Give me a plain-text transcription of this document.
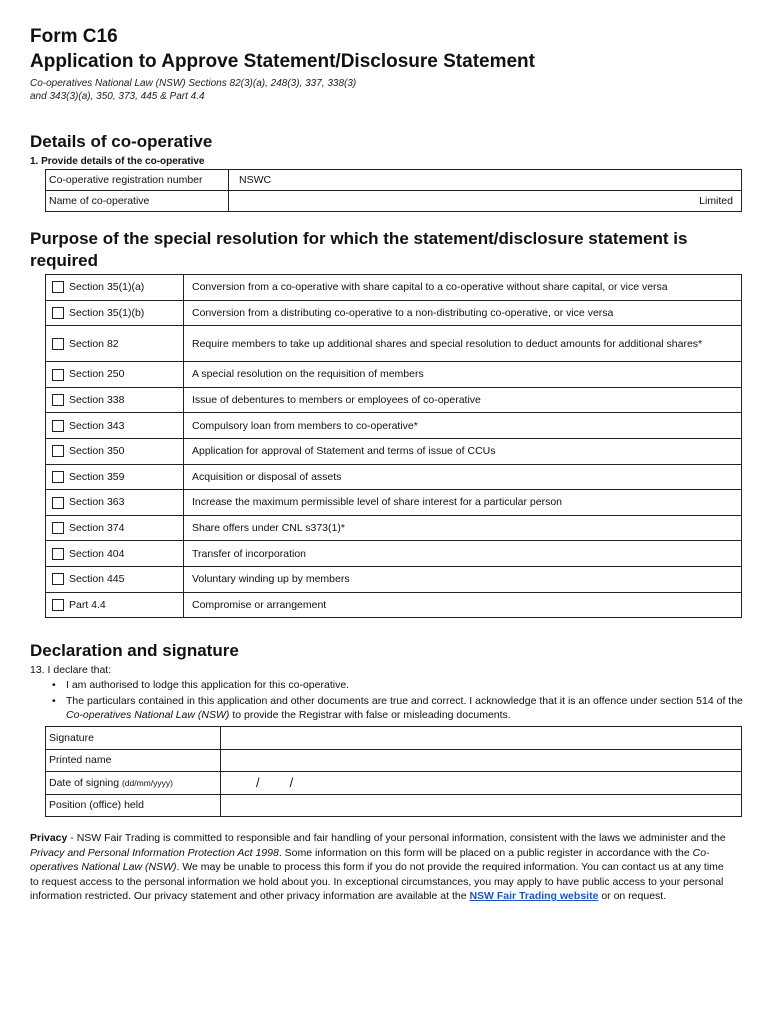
Form C16
Application to Approve Statement/Disclosure Statement
Co-operatives National Law (NSW) Sections 82(3)(a), 248(3), 337, 338(3)
and 343(3)(a), 350, 373, 445 & Part 4.4
Details of co-operative
1. Provide details of the co-operative
Co-operative registration number	NSWC
Name of co-operative	Limited
Purpose of the special resolution for which the statement/disclosure statement is required
Section 35(1)(a)	Conversion from a co-operative with share capital to a co-operative without share capital, or vice versa
Section 35(1)(b)	Conversion from a distributing co-operative to a non-distributing co-operative, or vice versa
Section 82	Require members to take up additional shares and special resolution to deduct amounts for additional shares*
Section 250	A special resolution on the requisition of members
Section 338	Issue of debentures to members or employees of co-operative
Section 343	Compulsory loan from members to co-operative*
Section 350	Application for approval of Statement and terms of issue of CCUs
Section 359	Acquisition or disposal of assets
Section 363	Increase the maximum permissible level of share interest for a particular person
Section 374	Share offers under CNL s373(1)*
Section 404	Transfer of incorporation
Section 445	Voluntary winding up by members
Part 4.4	Compromise or arrangement
Declaration and signature
13. I declare that:
• I am authorised to lodge this application for this co-operative.
• The particulars contained in this application and other documents are true and correct. I acknowledge that it is an offence under section 514 of the Co-operatives National Law (NSW) to provide the Registrar with false or misleading documents.
Signature	
Printed name	
Date of signing (dd/mm/yyyy)	/ /
Position (office) held	

Privacy - NSW Fair Trading is committed to responsible and fair handling of your personal information, consistent with the laws we administer and the Privacy and Personal Information Protection Act 1998. Some information on this form will be placed on a public register in accordance with the Co-operatives National Law (NSW). We may be unable to process this form if you do not provide the required information. You can contact us at any time to request access to the personal information we hold about you. In exceptional circumstances, you may apply to have public access to your personal information restricted. Our privacy statement and other privacy information are available at the NSW Fair Trading website or on request.
